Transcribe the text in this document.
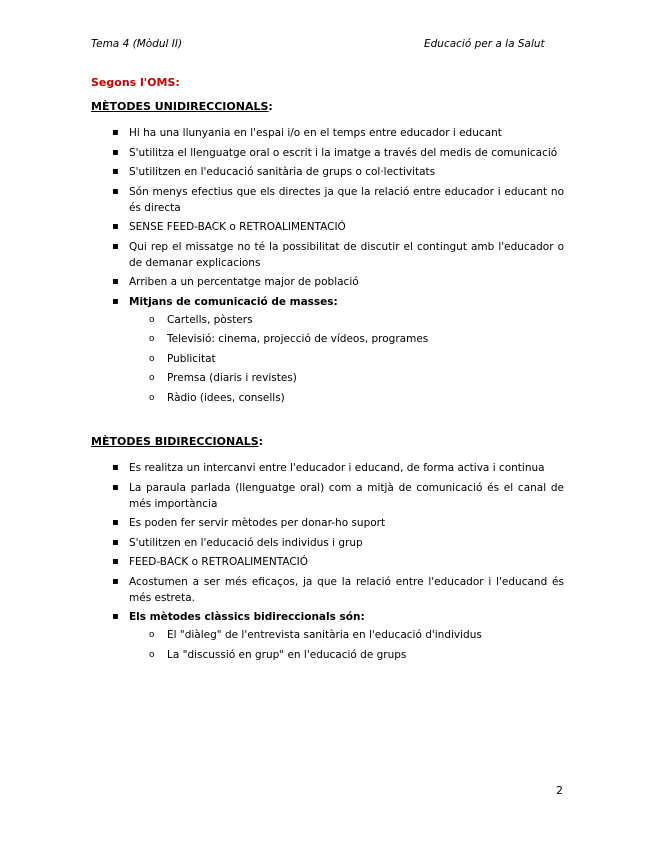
Tema 4 (Mòdul II)	Educació per a la Salut
Segons l'OMS:
MÈTODES UNIDIRECCIONALS:
▪ Hi ha una llunyania en l'espai i/o en el temps entre educador i educant
▪ S'utilitza el llenguatge oral o escrit i la imatge a través del medis de comunicació
▪ S'utilitzen en l'educació sanitària de grups o col·lectivitats
▪ Són menys efectius que els directes ja que la relació entre educador i educant no és directa
▪ SENSE FEED-BACK o RETROALIMENTACIÓ
▪ Qui rep el missatge no té la possibilitat de discutir el contingut amb l'educador o de demanar explicacions
▪ Arriben a un percentatge major de població
▪ Mitjans de comunicació de masses:
o Cartells, pòsters
o Televisió: cinema, projecció de vídeos, programes
o Publicitat
o Premsa (diaris i revistes)
o Ràdio (idees, consells)
MÈTODES BIDIRECCIONALS:
▪ Es realitza un intercanvi entre l'educador i educand, de forma activa i continua
▪ La paraula parlada (llenguatge oral) com a mitjà de comunicació és el canal de més importància
▪ Es poden fer servir mètodes per donar-ho suport
▪ S'utilitzen en l'educació dels individus i grup
▪ FEED-BACK o RETROALIMENTACIÓ
▪ Acostumen a ser més eficaços, ja que la relació entre l'educador i l'educand és més estreta.
▪ Els mètodes clàssics bidireccionals són:
o El "diàleg" de l'entrevista sanitària en l'educació d'individus
o La "discussió en grup" en l'educació de grups
2
